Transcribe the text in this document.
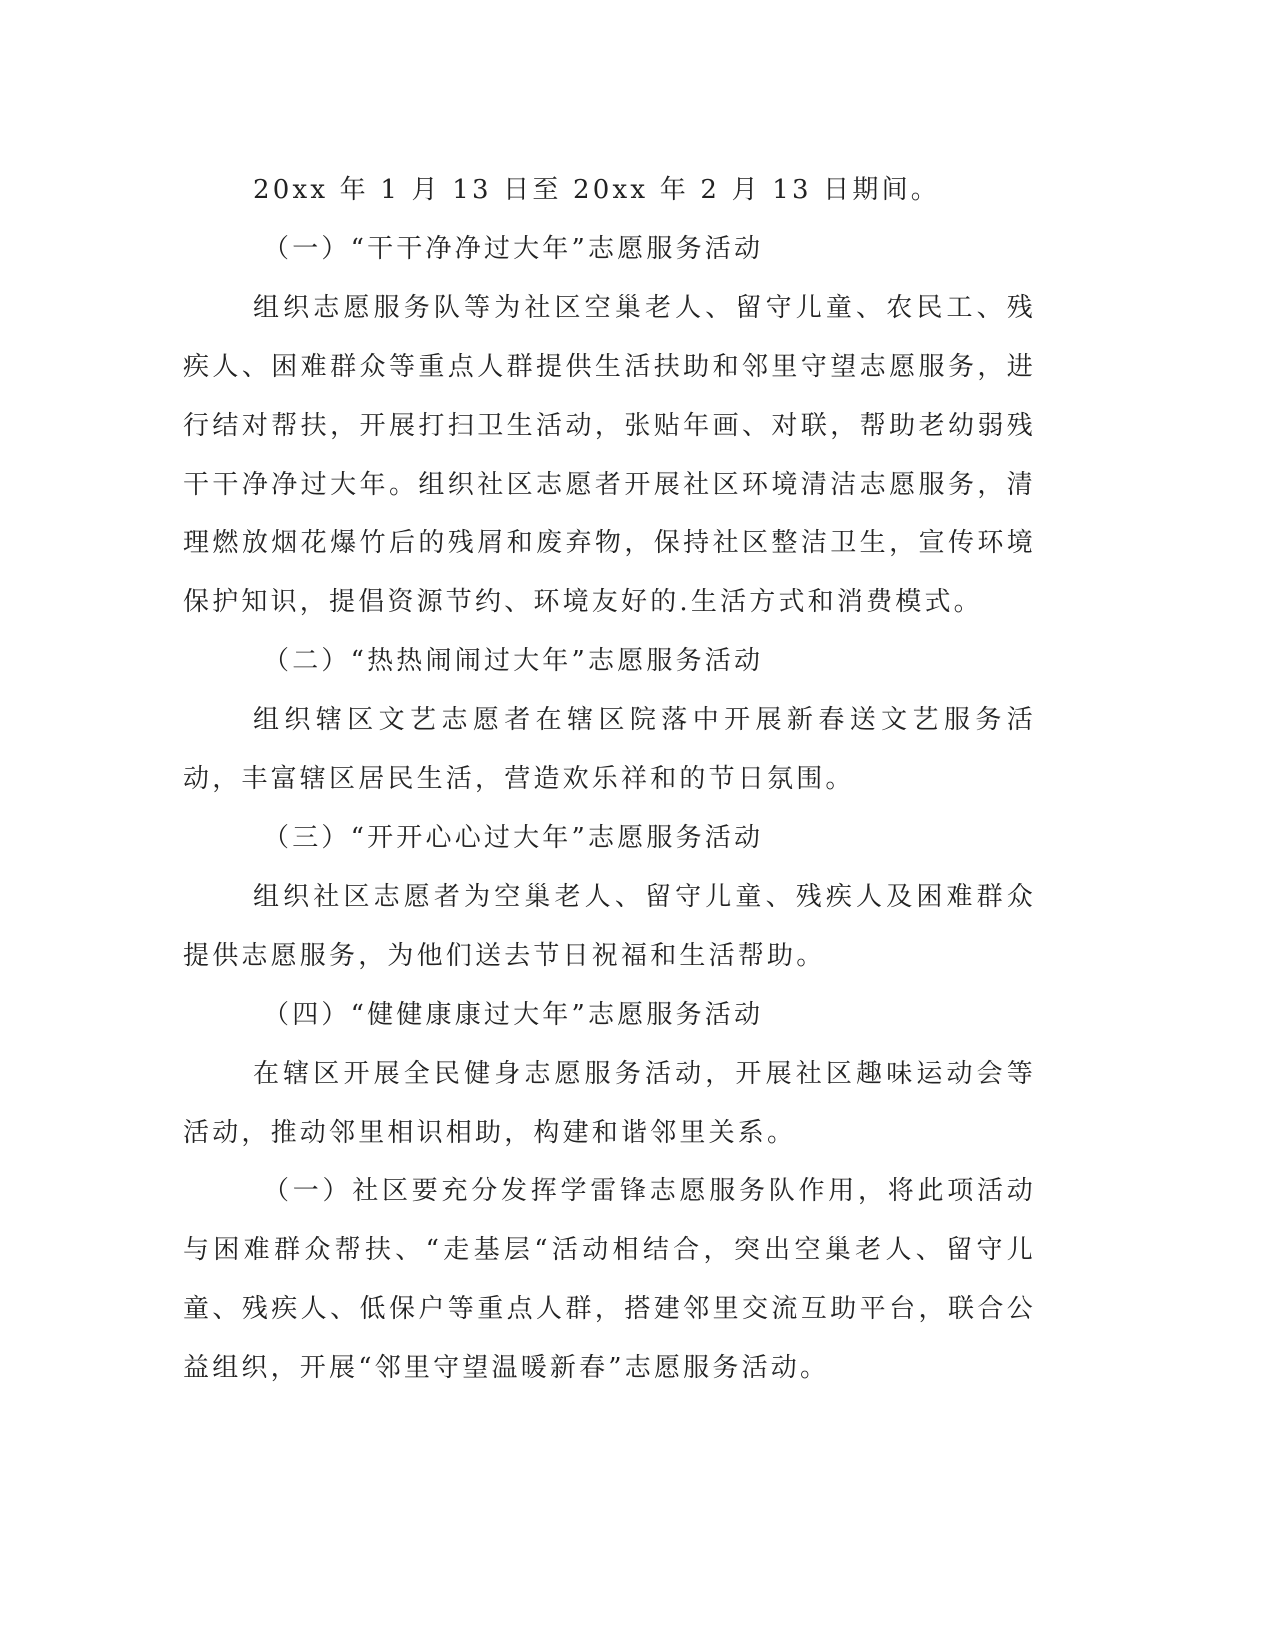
20xx 年 1 月 13 日至 20xx 年 2 月 13 日期间。

（一）“干干净净过大年”志愿服务活动

组织志愿服务队等为社区空巢老人、留守儿童、农民工、残疾人、困难群众等重点人群提供生活扶助和邻里守望志愿服务，进行结对帮扶，开展打扫卫生活动，张贴年画、对联，帮助老幼弱残干干净净过大年。组织社区志愿者开展社区环境清洁志愿服务，清理燃放烟花爆竹后的残屑和废弃物，保持社区整洁卫生，宣传环境保护知识，提倡资源节约、环境友好的.生活方式和消费模式。

（二）“热热闹闹过大年”志愿服务活动

组织辖区文艺志愿者在辖区院落中开展新春送文艺服务活动，丰富辖区居民生活，营造欢乐祥和的节日氛围。

（三）“开开心心过大年”志愿服务活动

组织社区志愿者为空巢老人、留守儿童、残疾人及困难群众提供志愿服务，为他们送去节日祝福和生活帮助。

（四）“健健康康过大年”志愿服务活动

在辖区开展全民健身志愿服务活动，开展社区趣味运动会等活动，推动邻里相识相助，构建和谐邻里关系。

（一）社区要充分发挥学雷锋志愿服务队作用，将此项活动与困难群众帮扶、“走基层“活动相结合，突出空巢老人、留守儿童、残疾人、低保户等重点人群，搭建邻里交流互助平台，联合公益组织，开展“邻里守望温暖新春”志愿服务活动。
